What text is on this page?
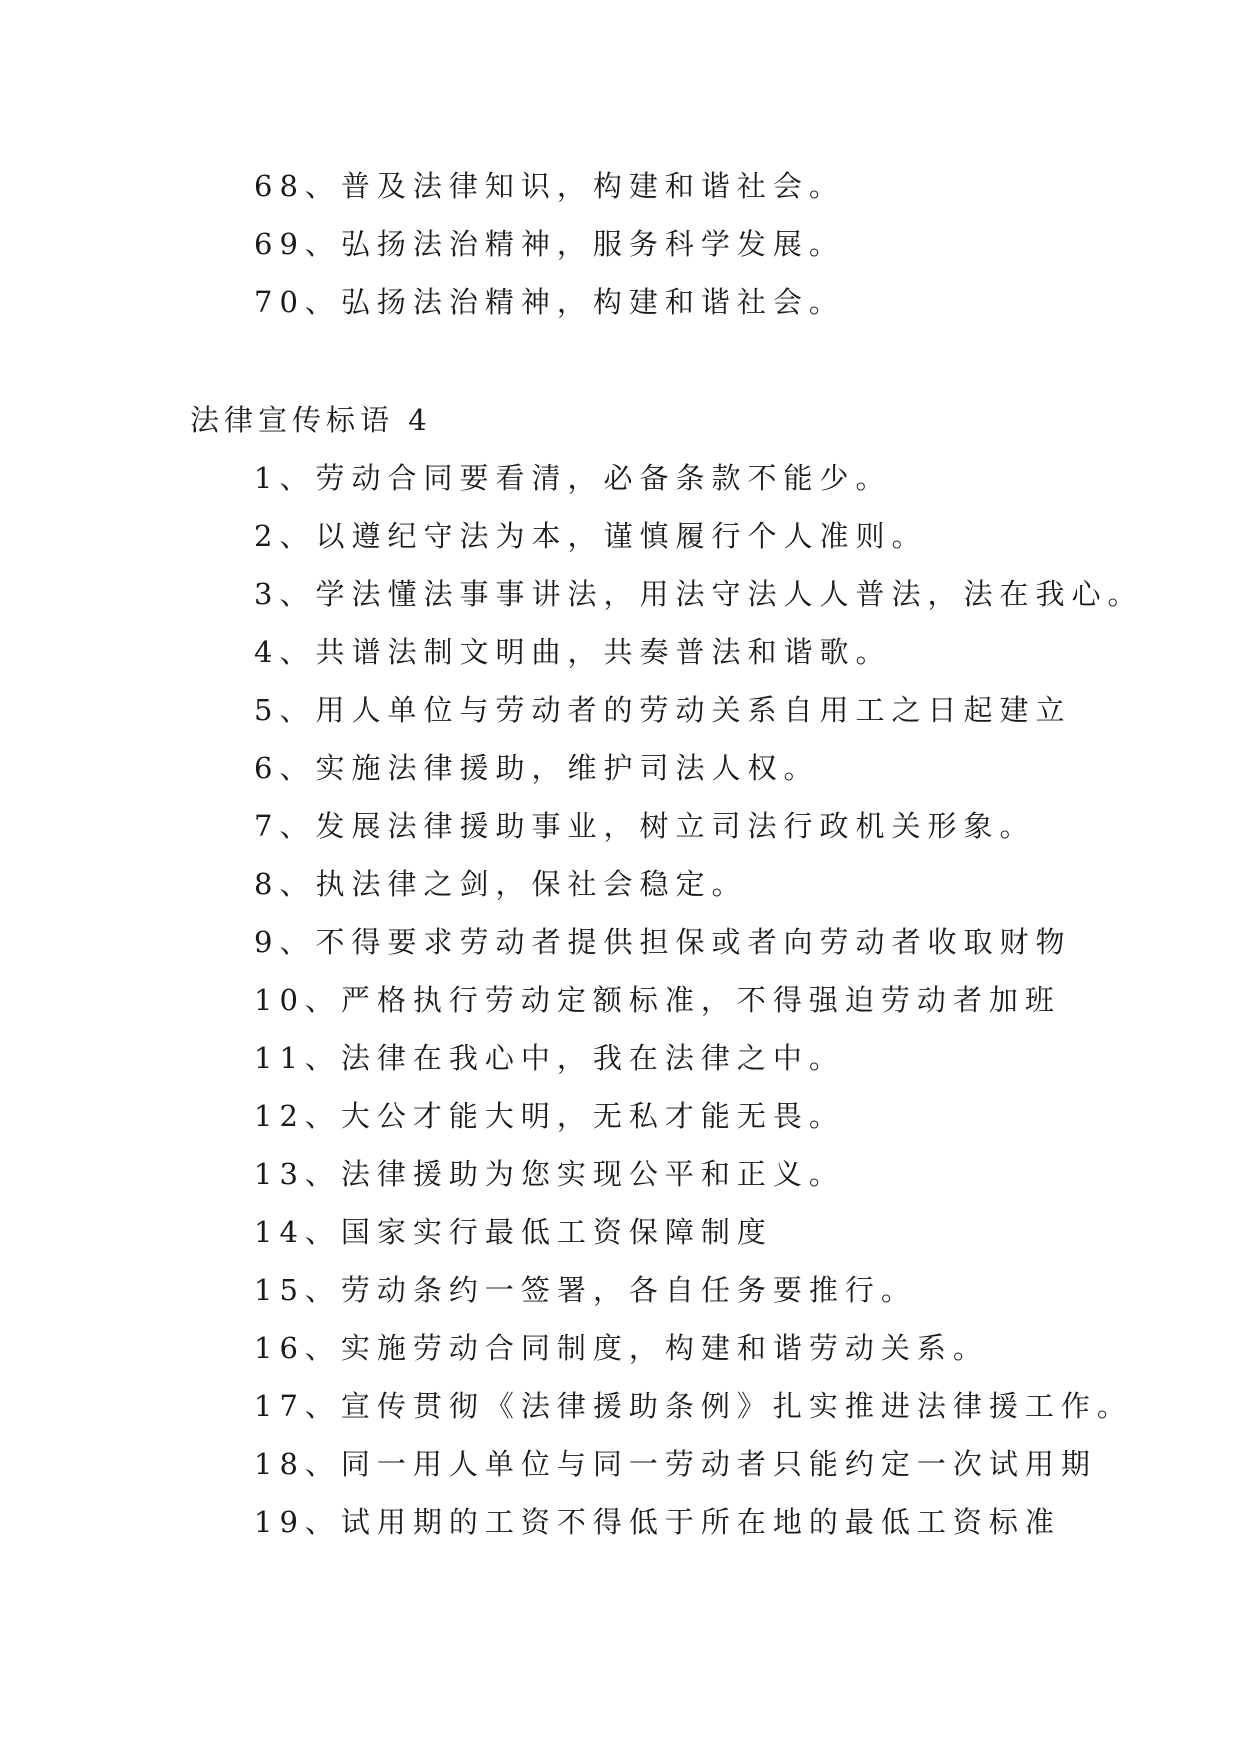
68、普及法律知识，构建和谐社会。
69、弘扬法治精神，服务科学发展。
70、弘扬法治精神，构建和谐社会。
法律宣传标语 4
1、劳动合同要看清，必备条款不能少。
2、以遵纪守法为本，谨慎履行个人准则。
3、学法懂法事事讲法，用法守法人人普法，法在我心。
4、共谱法制文明曲，共奏普法和谐歌。
5、用人单位与劳动者的劳动关系自用工之日起建立
6、实施法律援助，维护司法人权。
7、发展法律援助事业，树立司法行政机关形象。
8、执法律之剑，保社会稳定。
9、不得要求劳动者提供担保或者向劳动者收取财物
10、严格执行劳动定额标准，不得强迫劳动者加班
11、法律在我心中，我在法律之中。
12、大公才能大明，无私才能无畏。
13、法律援助为您实现公平和正义。
14、国家实行最低工资保障制度
15、劳动条约一签署，各自任务要推行。
16、实施劳动合同制度，构建和谐劳动关系。
17、宣传贯彻《法律援助条例》扎实推进法律援工作。
18、同一用人单位与同一劳动者只能约定一次试用期
19、试用期的工资不得低于所在地的最低工资标准
